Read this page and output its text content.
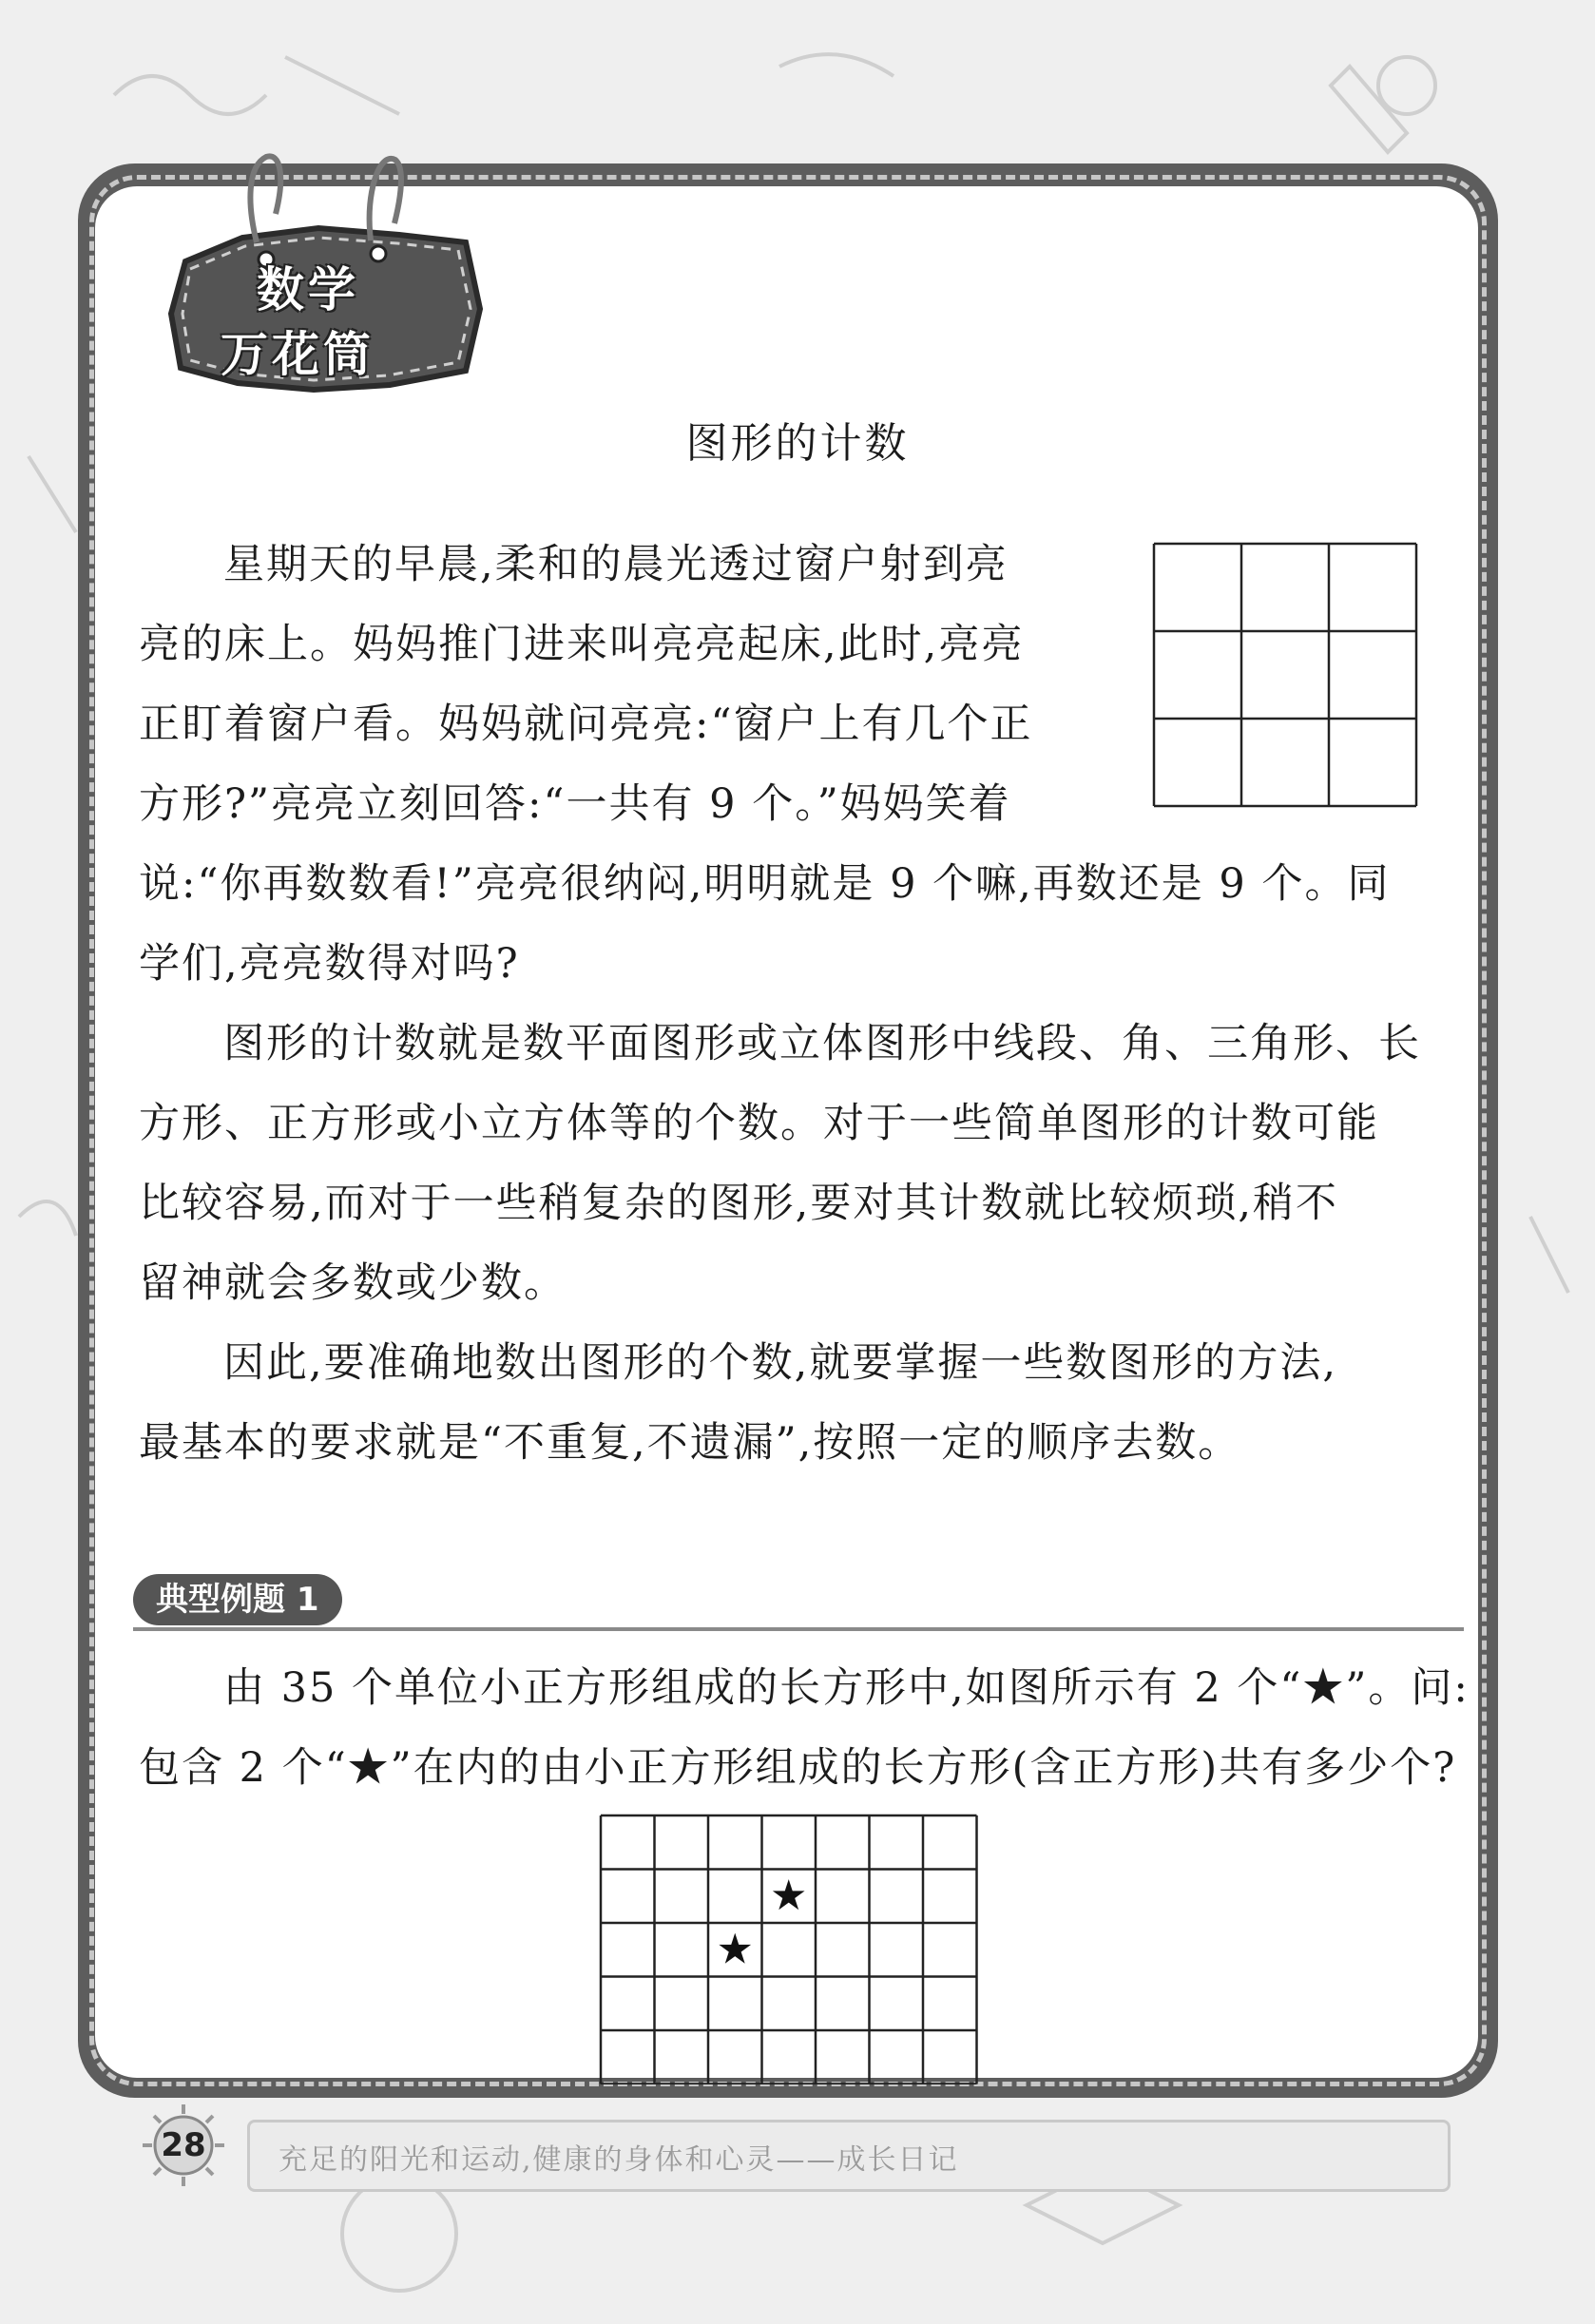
数学
万花筒
图形的计数
星期天的早晨,柔和的晨光透过窗户射到亮
亮的床上。妈妈推门进来叫亮亮起床,此时,亮亮
正盯着窗户看。妈妈就问亮亮:“窗户上有几个正
方形?”亮亮立刻回答:“一共有 9 个。”妈妈笑着
说:“你再数数看!”亮亮很纳闷,明明就是 9 个嘛,再数还是 9 个。同
学们,亮亮数得对吗?
图形的计数就是数平面图形或立体图形中线段、角、三角形、长
方形、正方形或小立方体等的个数。对于一些简单图形的计数可能
比较容易,而对于一些稍复杂的图形,要对其计数就比较烦琐,稍不
留神就会多数或少数。
因此,要准确地数出图形的个数,就要掌握一些数图形的方法,
最基本的要求就是“不重复,不遗漏”,按照一定的顺序去数。
典型例题 1
由 35 个单位小正方形组成的长方形中,如图所示有 2 个“★”。问:
包含 2 个“★”在内的由小正方形组成的长方形(含正方形)共有多少个?
★
★
28	充足的阳光和运动,健康的身体和心灵——成长日记
